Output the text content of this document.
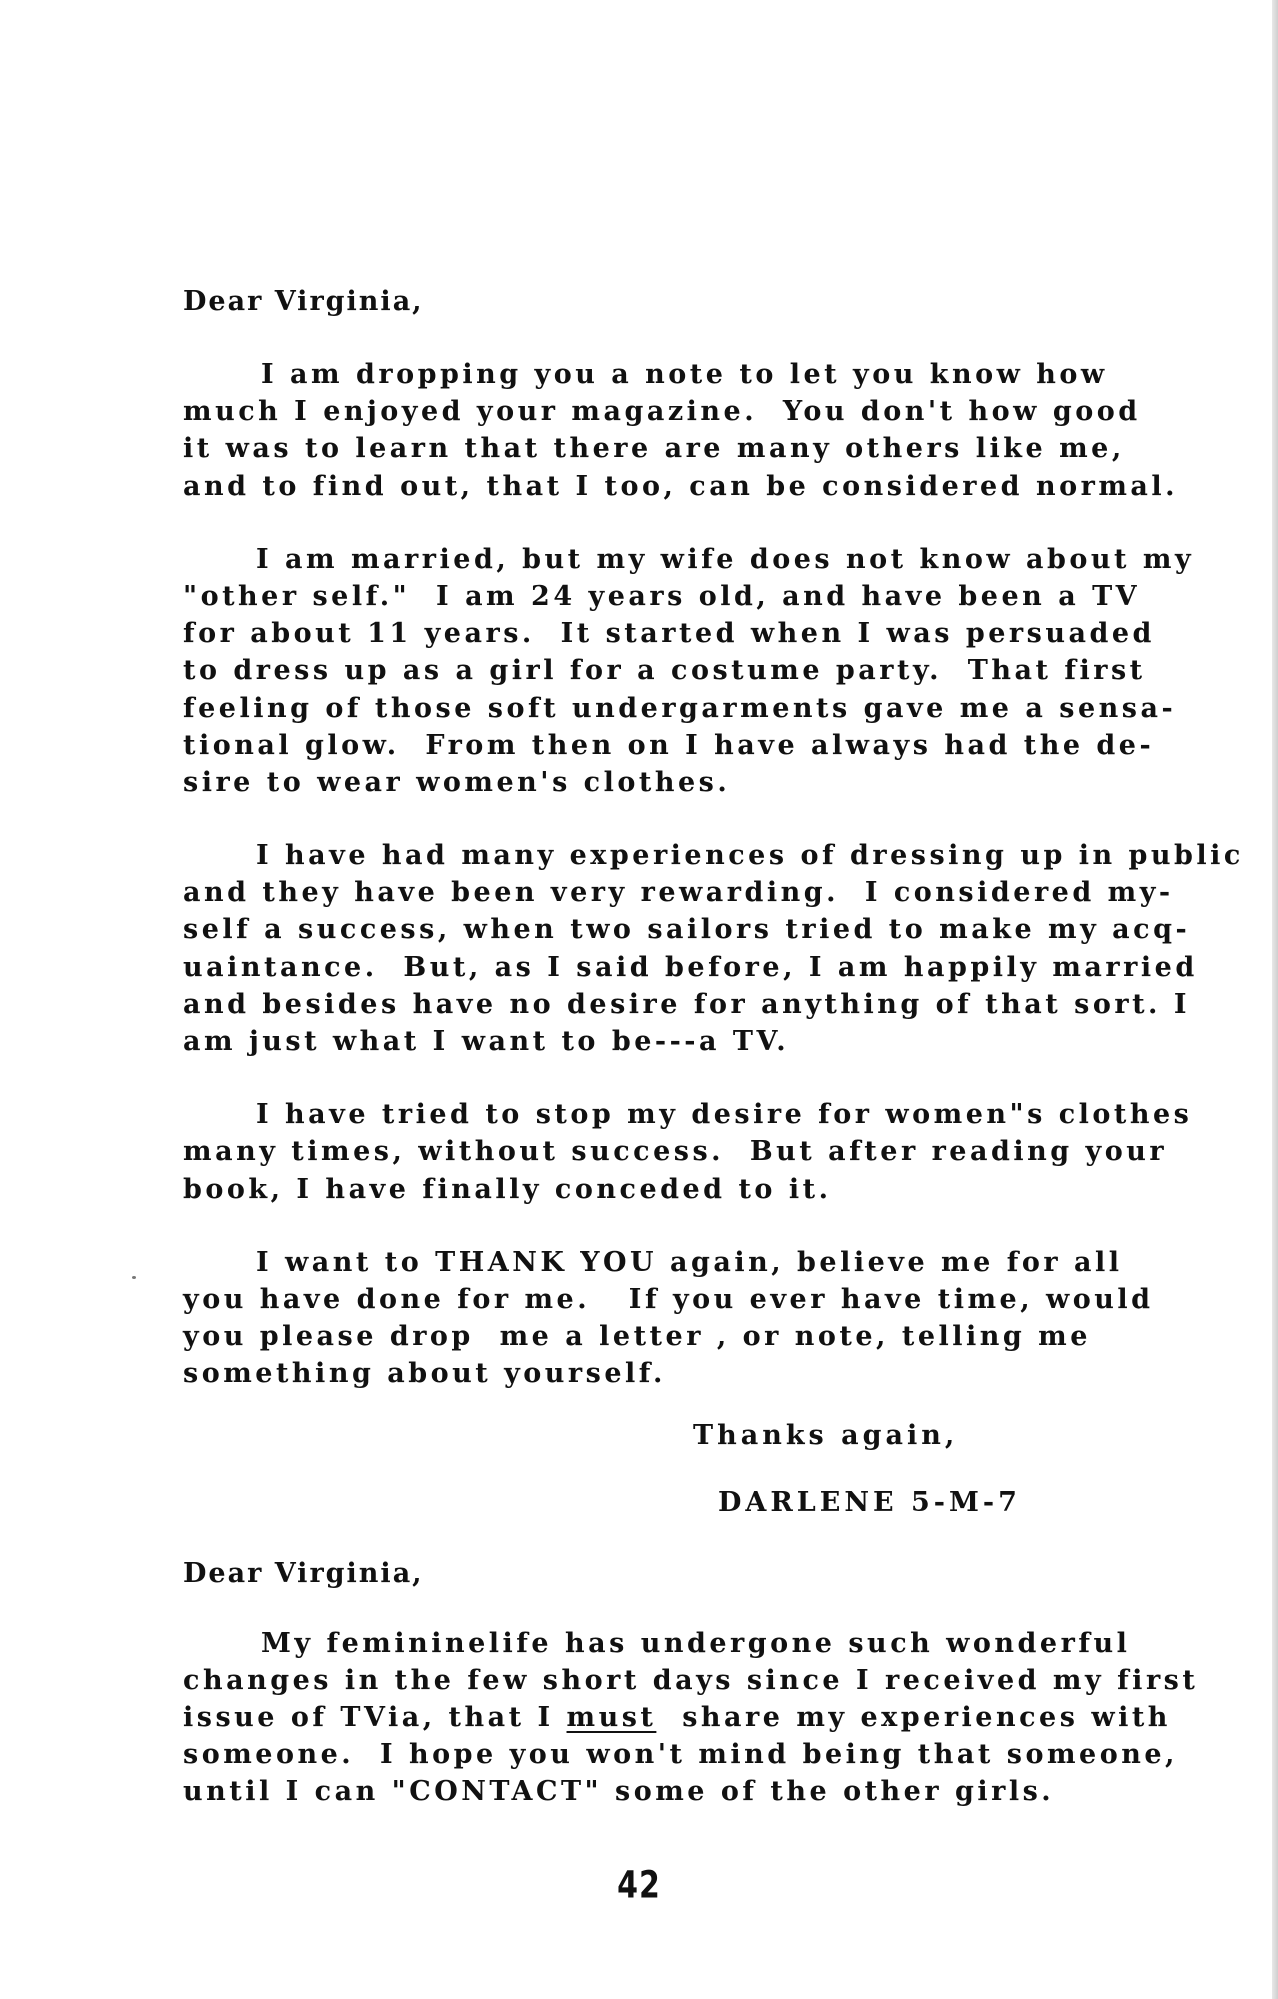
Dear Virginia,
I am dropping you a note to let you know how
much I enjoyed your magazine.  You don't how good
it was to learn that there are many others like me,
and to find out, that I too, can be considered normal.
I am married, but my wife does not know about my
"other self."  I am 24 years old, and have been a TV
for about 11 years.  It started when I was persuaded
to dress up as a girl for a costume party.  That first
feeling of those soft undergarments gave me a sensa-
tional glow.  From then on I have always had the de-
sire to wear women's clothes.
I have had many experiences of dressing up in public
and they have been very rewarding.  I considered my-
self a success, when two sailors tried to make my acq-
uaintance.  But, as I said before, I am happily married
and besides have no desire for anything of that sort. I
am just what I want to be---a TV.
I have tried to stop my desire for women"s clothes
many times, without success.  But after reading your
book, I have finally conceded to it.
I want to THANK YOU again, believe me for all
you have done for me.   If you ever have time, would
you please drop  me a letter , or note, telling me
something about yourself.
Thanks again,
DARLENE 5-M-7
Dear Virginia,
My femininelife has undergone such wonderful
changes in the few short days since I received my first
issue of TVia, that I must share my experiences with
someone.  I hope you won't mind being that someone,
until I can "CONTACT" some of the other girls.
42
